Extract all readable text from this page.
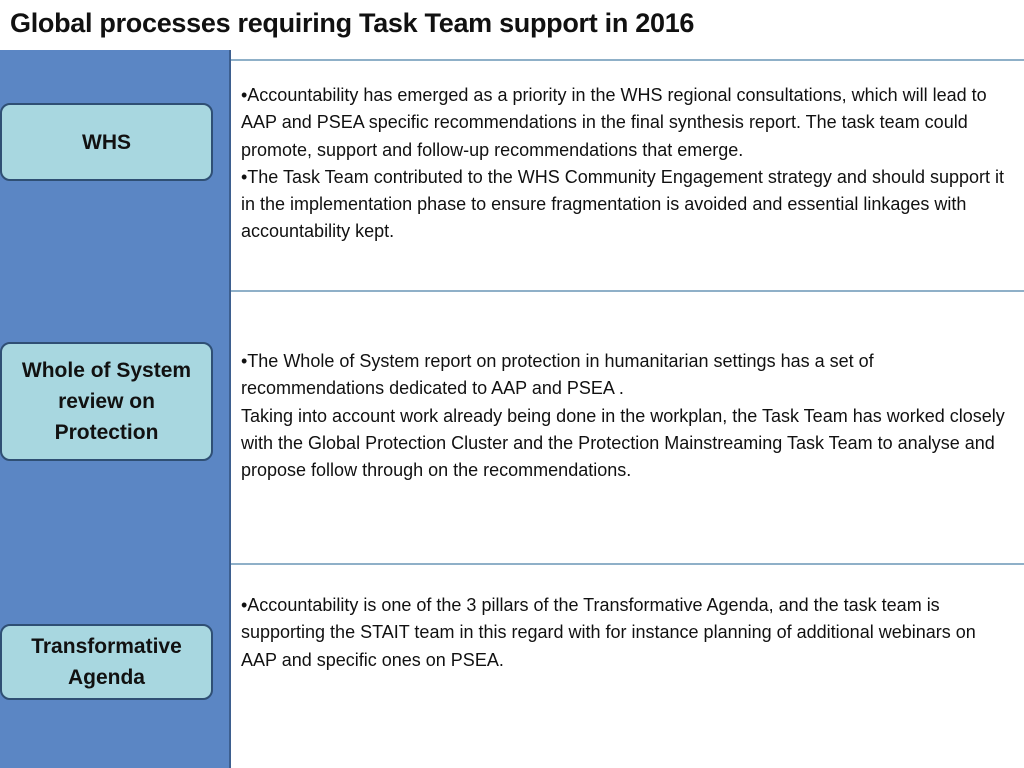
Global processes requiring Task Team support in 2016
WHS
Whole of System review on Protection
Transformative Agenda

•Accountability has emerged as a priority in the WHS regional consultations, which will lead to AAP and PSEA specific recommendations in the final synthesis report. The task team could promote, support and follow-up recommendations that emerge.

•The Task Team contributed to the WHS Community Engagement strategy and should support it in the implementation phase to ensure fragmentation is avoided and essential linkages with accountability kept.

•The Whole of System report on protection in humanitarian settings has a set of recommendations dedicated to AAP and PSEA .

Taking into account work already being done in the workplan, the Task Team has worked closely with the Global Protection Cluster and the Protection Mainstreaming Task Team to analyse and propose follow through on the recommendations.

•Accountability is one of the 3 pillars of the Transformative Agenda, and the task team is supporting the STAIT team in this regard with for instance planning of additional webinars on AAP and specific ones on PSEA.
